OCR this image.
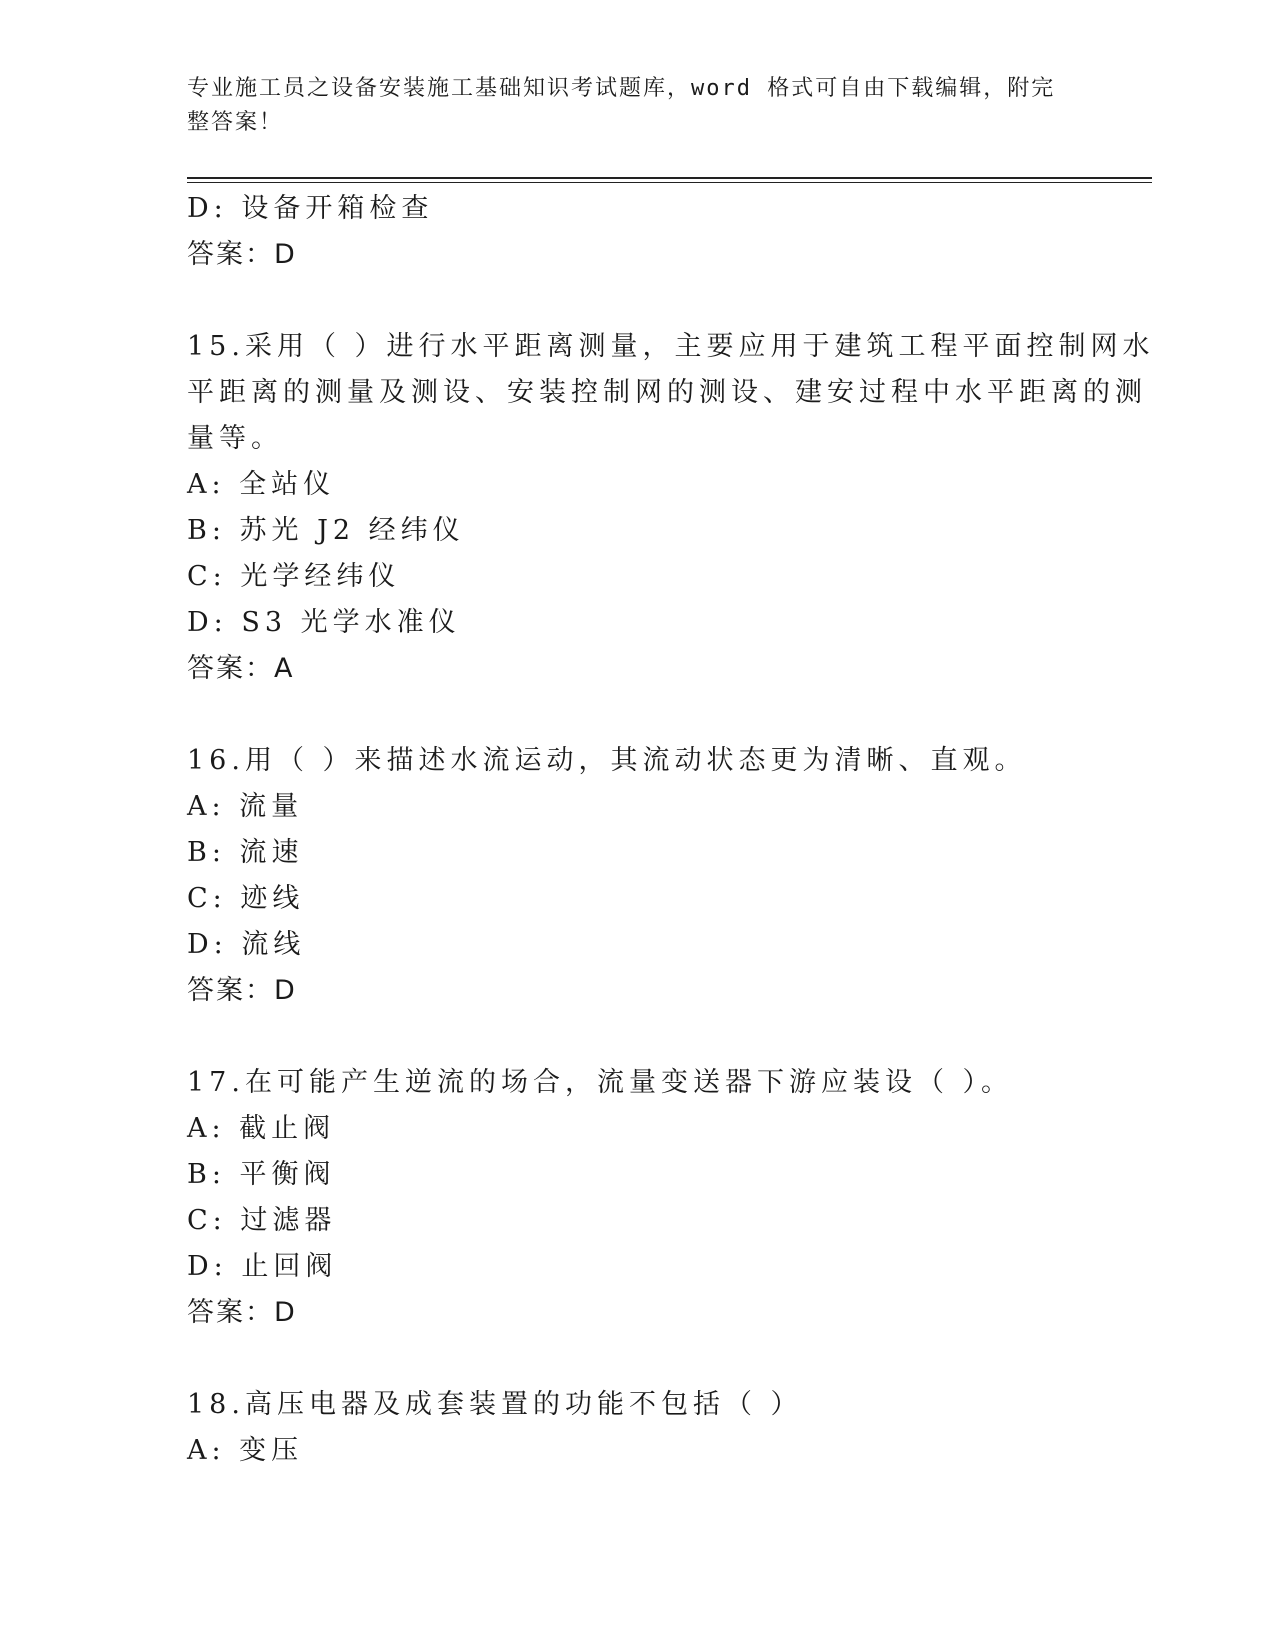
专业施工员之设备安装施工基础知识考试题库，word 格式可自由下载编辑，附完
整答案！
D: 设备开箱检查
答案：D
15.采用（ ）进行水平距离测量，主要应用于建筑工程平面控制网水
平距离的测量及测设、安装控制网的测设、建安过程中水平距离的测
量等。
A: 全站仪
B: 苏光 J2 经纬仪
C: 光学经纬仪
D: S3 光学水准仪
答案：A
16.用（ ）来描述水流运动，其流动状态更为清晰、直观。
A: 流量
B: 流速
C: 迹线
D: 流线
答案：D
17.在可能产生逆流的场合，流量变送器下游应装设（ ）。
A: 截止阀
B: 平衡阀
C: 过滤器
D: 止回阀
答案：D
18.高压电器及成套装置的功能不包括（ ）
A: 变压
